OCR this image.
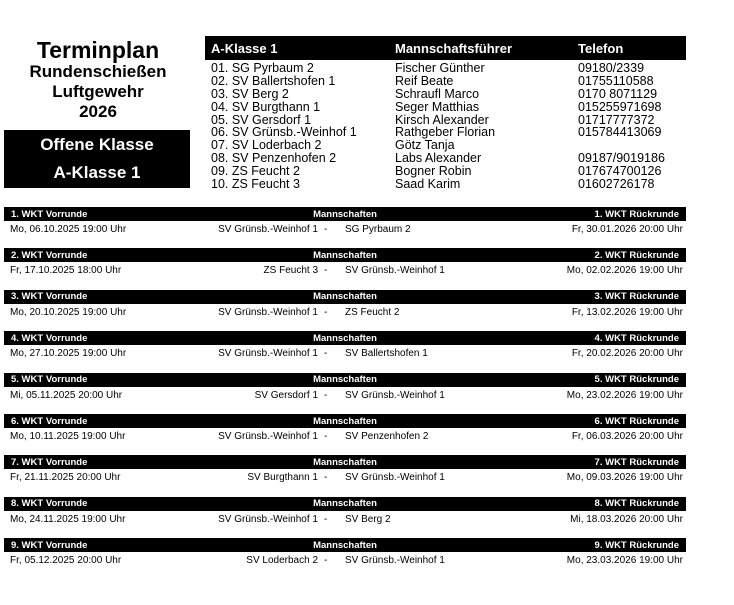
Terminplan
Rundenschießen
Luftgewehr
2026
Offene Klasse
A-Klasse 1
A-Klasse 1	Mannschaftsführer	Telefon
01. SG Pyrbaum 2	Fischer Günther	09180/2339
02. SV Ballertshofen 1	Reif Beate	01755110588
03. SV Berg 2	Schraufl Marco	0170 8071129
04. SV Burgthann 1	Seger Matthias	015255971698
05. SV Gersdorf 1	Kirsch Alexander	01717777372
06. SV Grünsb.-Weinhof 1	Rathgeber Florian	015784413069
07. SV Loderbach 2	Götz Tanja
08. SV Penzenhofen 2	Labs Alexander	09187/9019186
09. ZS Feucht 2	Bogner Robin	017674700126
10. ZS Feucht 3	Saad Karim	01602726178
1. WKT Vorrunde	Mannschaften	1. WKT Rückrunde
Mo, 06.10.2025 19:00 Uhr	SV Grünsb.-Weinhof 1 - SG Pyrbaum 2	Fr, 30.01.2026 20:00 Uhr
2. WKT Vorrunde	Mannschaften	2. WKT Rückrunde
Fr, 17.10.2025 18:00 Uhr	ZS Feucht 3 - SV Grünsb.-Weinhof 1	Mo, 02.02.2026 19:00 Uhr
3. WKT Vorrunde	Mannschaften	3. WKT Rückrunde
Mo, 20.10.2025 19:00 Uhr	SV Grünsb.-Weinhof 1 - ZS Feucht 2	Fr, 13.02.2026 19:00 Uhr
4. WKT Vorrunde	Mannschaften	4. WKT Rückrunde
Mo, 27.10.2025 19:00 Uhr	SV Grünsb.-Weinhof 1 - SV Ballertshofen 1	Fr, 20.02.2026 20:00 Uhr
5. WKT Vorrunde	Mannschaften	5. WKT Rückrunde
Mi, 05.11.2025 20:00 Uhr	SV Gersdorf 1 - SV Grünsb.-Weinhof 1	Mo, 23.02.2026 19:00 Uhr
6. WKT Vorrunde	Mannschaften	6. WKT Rückrunde
Mo, 10.11.2025 19:00 Uhr	SV Grünsb.-Weinhof 1 - SV Penzenhofen 2	Fr, 06.03.2026 20:00 Uhr
7. WKT Vorrunde	Mannschaften	7. WKT Rückrunde
Fr, 21.11.2025 20:00 Uhr	SV Burgthann 1 - SV Grünsb.-Weinhof 1	Mo, 09.03.2026 19:00 Uhr
8. WKT Vorrunde	Mannschaften	8. WKT Rückrunde
Mo, 24.11.2025 19:00 Uhr	SV Grünsb.-Weinhof 1 - SV Berg 2	Mi, 18.03.2026 20:00 Uhr
9. WKT Vorrunde	Mannschaften	9. WKT Rückrunde
Fr, 05.12.2025 20:00 Uhr	SV Loderbach 2 - SV Grünsb.-Weinhof 1	Mo, 23.03.2026 19:00 Uhr
